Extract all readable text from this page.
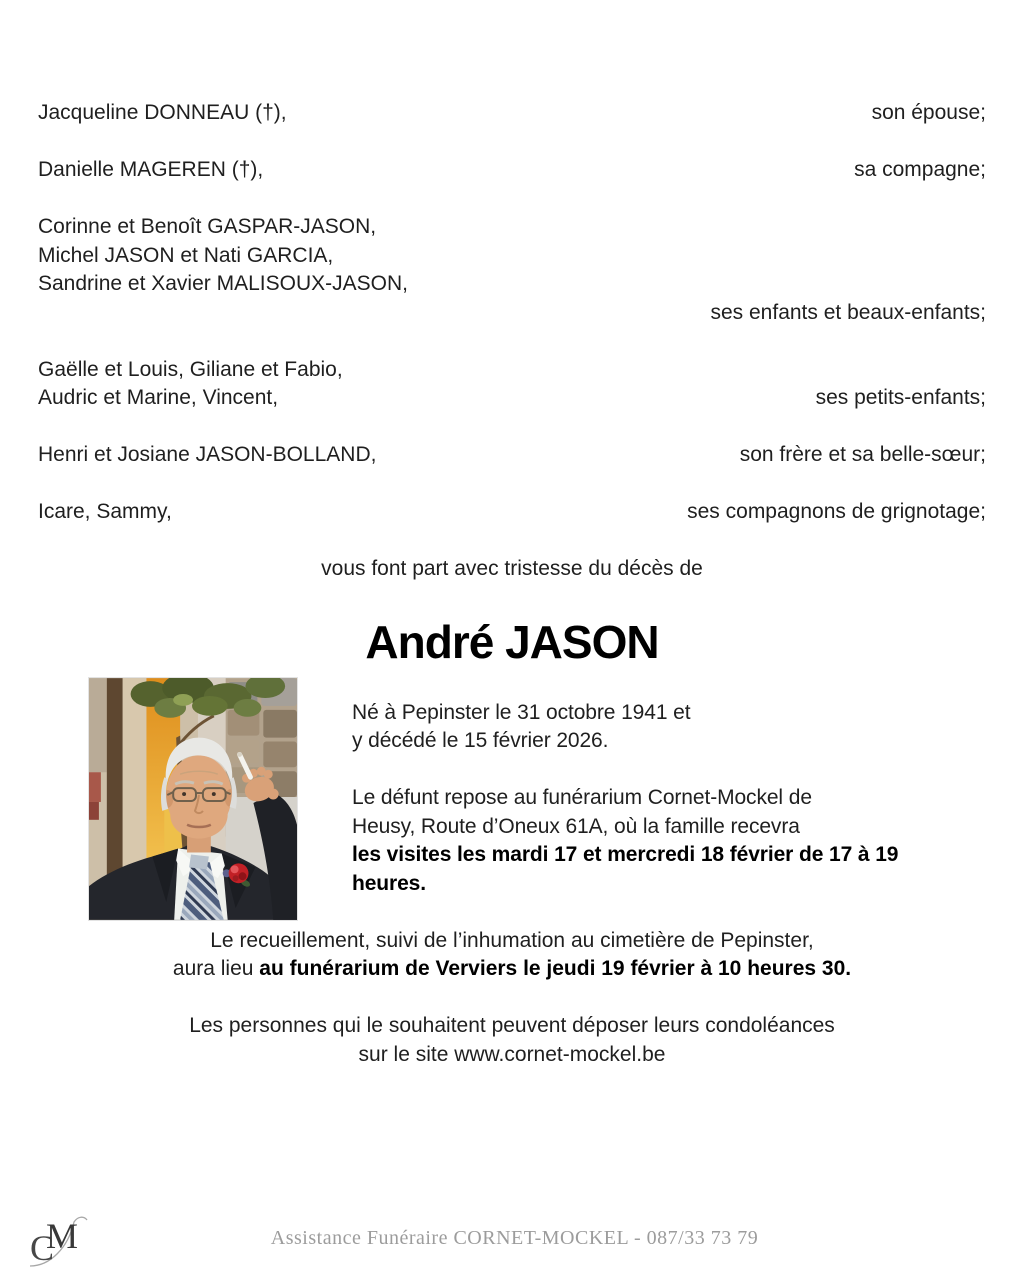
Jacqueline DONNEAU (†),	son épouse;
Danielle MAGEREN (†),	sa compagne;
Corinne et Benoît GASPAR-JASON,
Michel JASON et Nati GARCIA,
Sandrine et Xavier MALISOUX-JASON,
ses enfants et beaux-enfants;
Gaëlle et Louis, Giliane et Fabio,
Audric et Marine, Vincent,	ses petits-enfants;
Henri et Josiane JASON-BOLLAND,	son frère et sa belle-sœur;
Icare, Sammy,	ses compagnons de grignotage;
vous font part avec tristesse du décès de
André JASON

Né à Pepinster le 31 octobre 1941 et
y décédé le 15 février 2026.

Le défunt repose au funérarium Cornet-Mockel de
Heusy, Route d’Oneux 61A, où la famille recevra
les visites les mardi 17 et mercredi 18 février de 17 à 19
heures.

Le recueillement, suivi de l’inhumation au cimetière de Pepinster,
aura lieu au funérarium de Verviers le jeudi 19 février à 10 heures 30.
Les personnes qui le souhaitent peuvent déposer leurs condoléances
sur le site www.cornet-mockel.be
C
M	Assistance Funéraire CORNET-MOCKEL - 087/33 73 79
